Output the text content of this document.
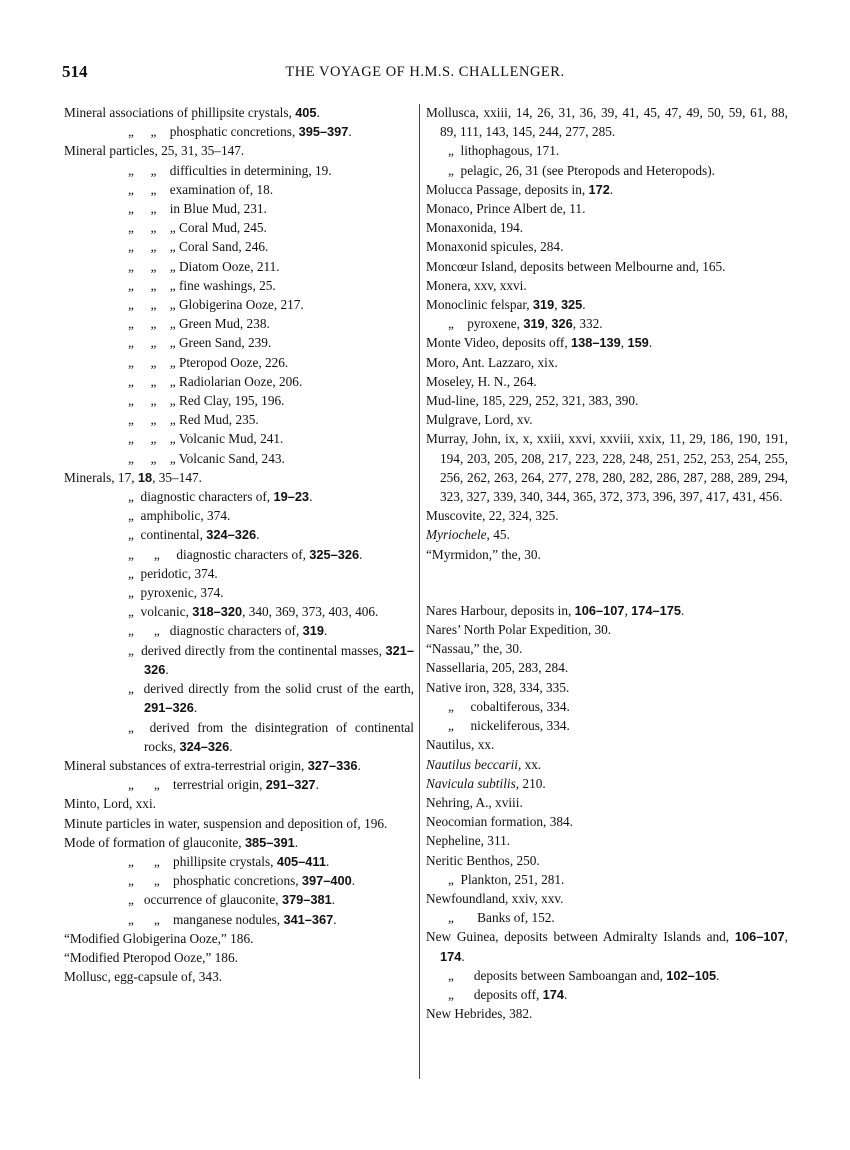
514	THE VOYAGE OF H.M.S. CHALLENGER.
Mineral associations of phillipsite crystals, 405.
„     „    phosphatic concretions, 395–397.
Mineral particles, 25, 31, 35–147.
„     „    difficulties in determining, 19.
„     „    examination of, 18.
„     „    in Blue Mud, 231.
„     „    „ Coral Mud, 245.
„     „    „ Coral Sand, 246.
„     „    „ Diatom Ooze, 211.
„     „    „ fine washings, 25.
„     „    „ Globigerina Ooze, 217.
„     „    „ Green Mud, 238.
„     „    „ Green Sand, 239.
„     „    „ Pteropod Ooze, 226.
„     „    „ Radiolarian Ooze, 206.
„     „    „ Red Clay, 195, 196.
„     „    „ Red Mud, 235.
„     „    „ Volcanic Mud, 241.
„     „    „ Volcanic Sand, 243.
Minerals, 17, 18, 35–147.
„  diagnostic characters of, 19–23.
„  amphibolic, 374.
„  continental, 324–326.
„      „     diagnostic characters of, 325–326.
„  peridotic, 374.
„  pyroxenic, 374.
„  volcanic, 318–320, 340, 369, 373, 403, 406.
„      „   diagnostic characters of, 319.
„  derived directly from the continental masses, 321–326.
„  derived directly from the solid crust of the earth, 291–326.
„  derived from the disintegration of continental rocks, 324–326.
Mineral substances of extra-terrestrial origin, 327–336.
„      „    terrestrial origin, 291–327.
Minto, Lord, xxi.
Minute particles in water, suspension and deposition of, 196.
Mode of formation of glauconite, 385–391.
„      „    phillipsite crystals, 405–411.
„      „    phosphatic concretions, 397–400.
„   occurrence of glauconite, 379–381.
„      „    manganese nodules, 341–367.
“Modified Globigerina Ooze,” 186.
“Modified Pteropod Ooze,” 186.
Mollusc, egg-capsule of, 343.
Mollusca, xxiii, 14, 26, 31, 36, 39, 41, 45, 47, 49, 50, 59, 61, 88, 89, 111, 143, 145, 244, 277, 285.
„  lithophagous, 171.
„  pelagic, 26, 31 (see Pteropods and Heteropods).
Molucca Passage, deposits in, 172.
Monaco, Prince Albert de, 11.
Monaxonida, 194.
Monaxonid spicules, 284.
Moncœur Island, deposits between Melbourne and, 165.
Monera, xxv, xxvi.
Monoclinic felspar, 319, 325.
„    pyroxene, 319, 326, 332.
Monte Video, deposits off, 138–139, 159.
Moro, Ant. Lazzaro, xix.
Moseley, H. N., 264.
Mud-line, 185, 229, 252, 321, 383, 390.
Mulgrave, Lord, xv.
Murray, John, ix, x, xxiii, xxvi, xxviii, xxix, 11, 29, 186, 190, 191, 194, 203, 205, 208, 217, 223, 228, 248, 251, 252, 253, 254, 255, 256, 262, 263, 264, 277, 278, 280, 282, 286, 287, 288, 289, 294, 323, 327, 339, 340, 344, 365, 372, 373, 396, 397, 417, 431, 456.
Muscovite, 22, 324, 325.
Myriochele, 45.
“Myrmidon,” the, 30.
Nares Harbour, deposits in, 106–107, 174–175.
Nares’ North Polar Expedition, 30.
“Nassau,” the, 30.
Nassellaria, 205, 283, 284.
Native iron, 328, 334, 335.
„     cobaltiferous, 334.
„     nickeliferous, 334.
Nautilus, xx.
Nautilus beccarii, xx.
Navicula subtilis, 210.
Nehring, A., xviii.
Neocomian formation, 384.
Nepheline, 311.
Neritic Benthos, 250.
„  Plankton, 251, 281.
Newfoundland, xxiv, xxv.
„       Banks of, 152.
New Guinea, deposits between Admiralty Islands and, 106–107, 174.
„      deposits between Samboangan and, 102–105.
„      deposits off, 174.
New Hebrides, 382.
